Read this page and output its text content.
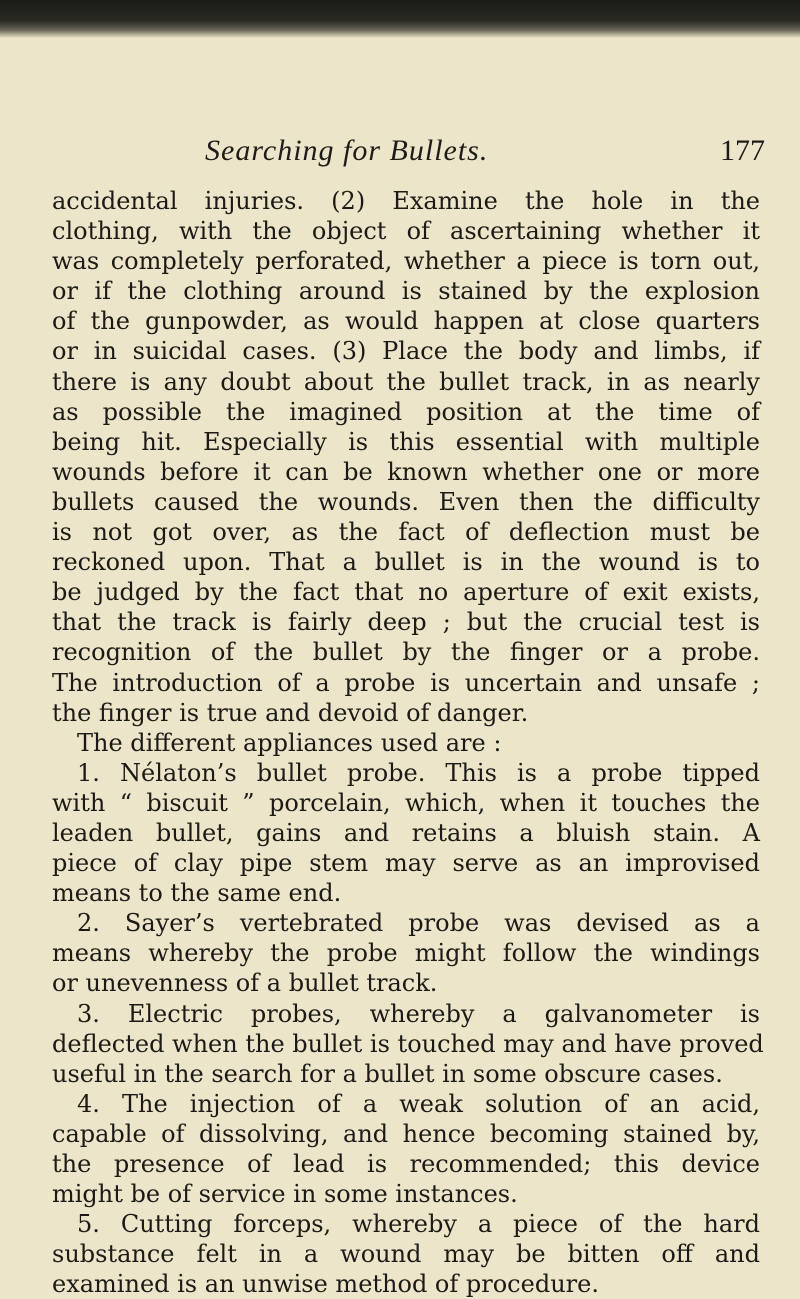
Searching for Bullets.	177
accidental injuries. (2) Examine the hole in the
clothing, with the object of ascertaining whether it
was completely perforated, whether a piece is torn out,
or if the clothing around is stained by the explosion
of the gunpowder, as would happen at close quarters
or in suicidal cases. (3) Place the body and limbs, if
there is any doubt about the bullet track, in as nearly
as possible the imagined position at the time of
being hit. Especially is this essential with multiple
wounds before it can be known whether one or more
bullets caused the wounds. Even then the difficulty
is not got over, as the fact of deflection must be
reckoned upon. That a bullet is in the wound is to
be judged by the fact that no aperture of exit exists,
that the track is fairly deep ; but the crucial test is
recognition of the bullet by the finger or a probe.
The introduction of a probe is uncertain and unsafe ;
the finger is true and devoid of danger.
The different appliances used are :
1. Nélaton’s bullet probe. This is a probe tipped
with “ biscuit ” porcelain, which, when it touches the
leaden bullet, gains and retains a bluish stain. A
piece of clay pipe stem may serve as an improvised
means to the same end.
2. Sayer’s vertebrated probe was devised as a
means whereby the probe might follow the windings
or unevenness of a bullet track.
3. Electric probes, whereby a galvanometer is
deflected when the bullet is touched may and have proved
useful in the search for a bullet in some obscure cases.
4. The injection of a weak solution of an acid,
capable of dissolving, and hence becoming stained by,
the presence of lead is recommended; this device
might be of service in some instances.
5. Cutting forceps, whereby a piece of the hard
substance felt in a wound may be bitten off and
examined is an unwise method of procedure.
